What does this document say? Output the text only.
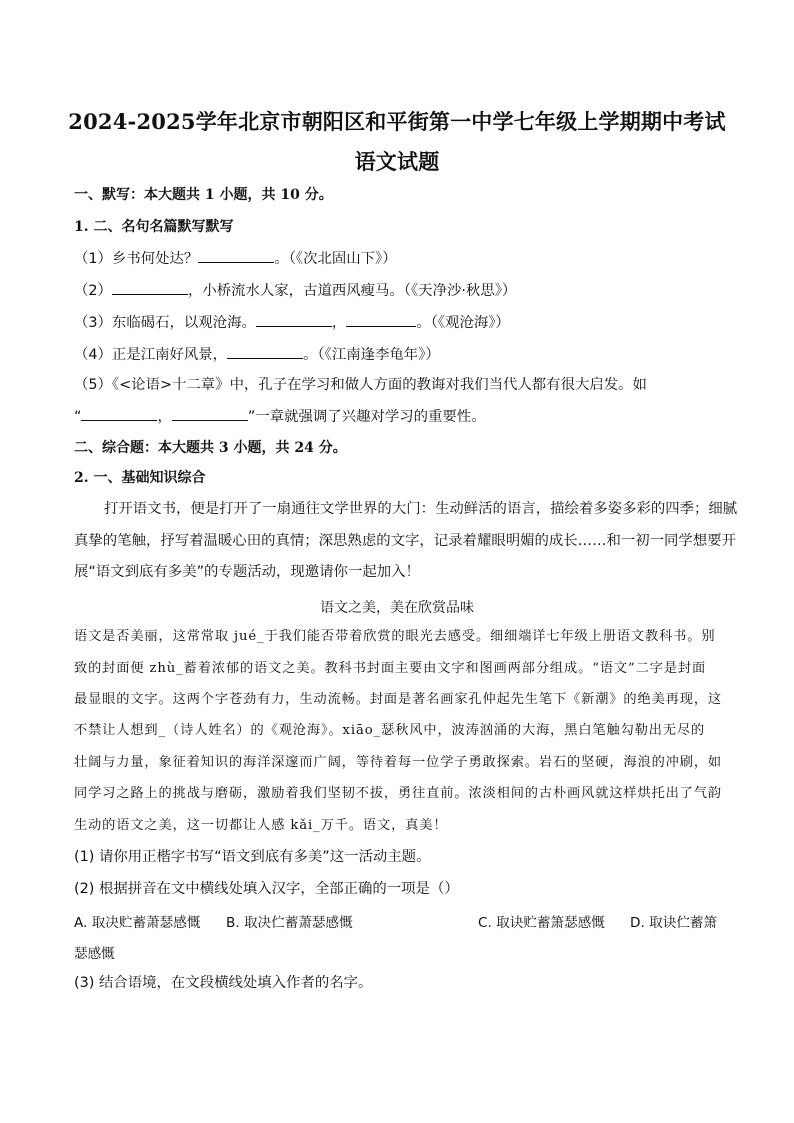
2024-2025学年北京市朝阳区和平街第一中学七年级上学期期中考试
语文试题
一、默写：本大题共 1 小题，共 10 分。
1. 二、名句名篇默写默写
（1）乡书何处达？	。（《次北固山下》）
（2）	，小桥流水人家，古道西风瘦马。（《天净沙·秋思》）
（3）东临碣石，以观沧海。	，	。（《观沧海》）
（4）正是江南好风景，	。（《江南逢李龟年》）
（5）《<论语>十二章》中，孔子在学习和做人方面的教诲对我们当代人都有很大启发。如
“	，	”一章就强调了兴趣对学习的重要性。
二、综合题：本大题共 3 小题，共 24 分。
2. 一、基础知识综合
打开语文书，便是打开了一扇通往文学世界的大门：生动鲜活的语言，描绘着多姿多彩的四季；细腻
真挚的笔触，抒写着温暖心田的真情；深思熟虑的文字，记录着耀眼明媚的成长……和一初一同学想要开
展“语文到底有多美”的专题活动，现邀请你一起加入！
语文之美，美在欣赏品味
语文是否美丽，这常常取 jué_于我们能否带着欣赏的眼光去感受。细细端详七年级上册语文教科书。别
致的封面便 zhù_蓄着浓郁的语文之美。教科书封面主要由文字和图画两部分组成。“语文”二字是封面
最显眼的文字。这两个字苍劲有力，生动流畅。封面是著名画家孔仲起先生笔下《新潮》的绝美再现，这
不禁让人想到_（诗人姓名）的《观沧海》。xiāo_瑟秋风中，波涛汹涌的大海，黑白笔触勾勒出无尽的
壮阔与力量，象征着知识的海洋深邃而广阔，等待着每一位学子勇敢探索。岩石的坚硬，海浪的冲刷，如
同学习之路上的挑战与磨砺，激励着我们坚韧不拔，勇往直前。浓淡相间的古朴画风就这样烘托出了气韵
生动的语文之美，这一切都让人感 kǎi_万千。语文，真美！
(1) 请你用正楷字书写“语文到底有多美”这一活动主题。
(2) 根据拼音在文中横线处填入汉字，全部正确的一项是（）
A. 取决贮蓄萧瑟感慨 B. 取决伫蓄萧瑟感慨	C. 取诀贮蓄箫瑟感慨 D. 取诀伫蓄箫
瑟感慨
(3) 结合语境，在文段横线处填入作者的名字。
